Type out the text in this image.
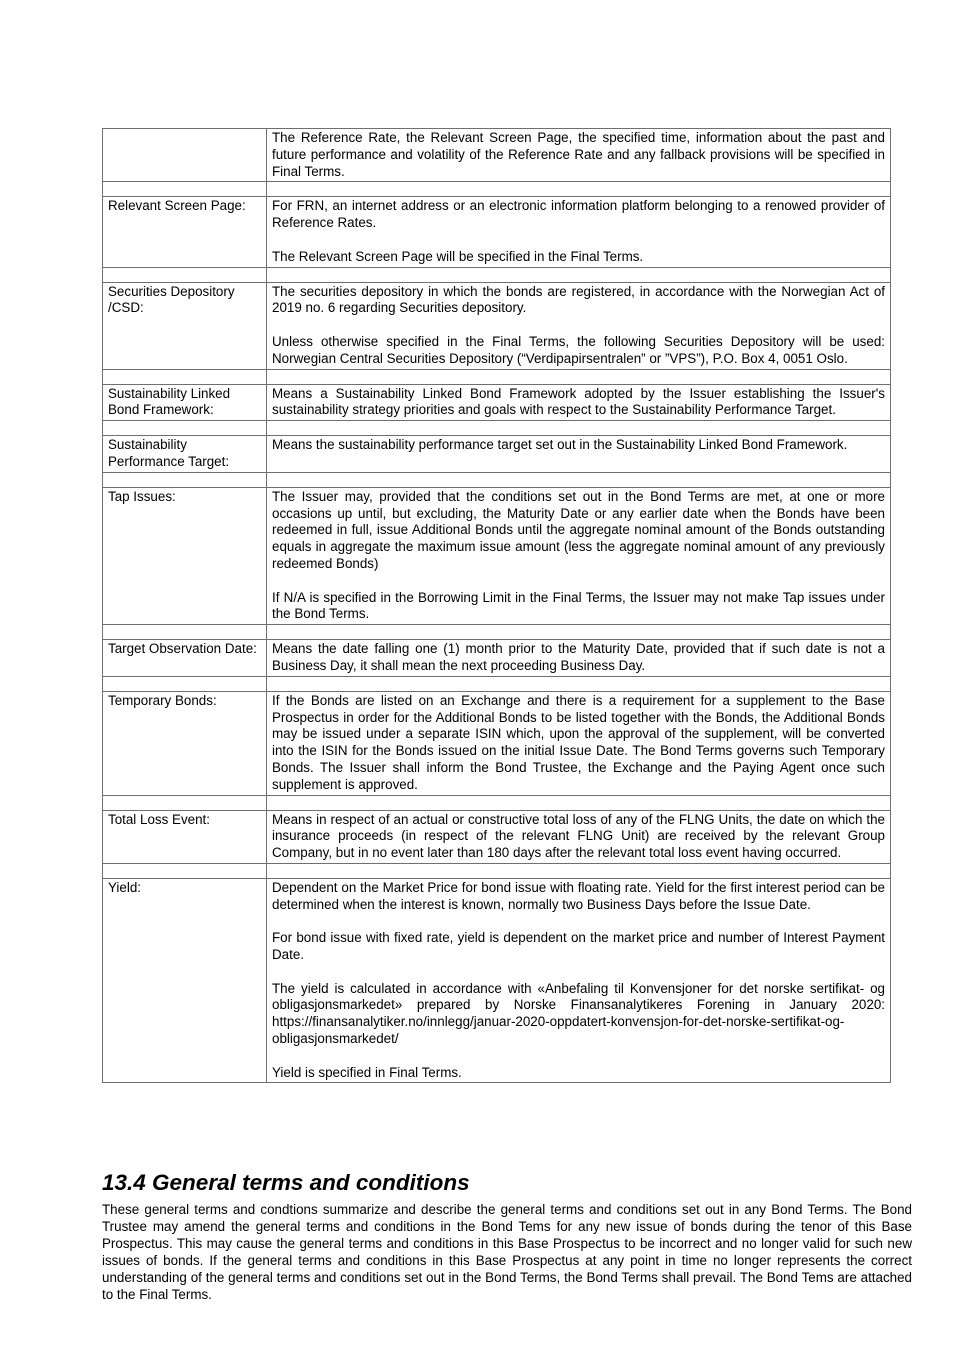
	The Reference Rate, the Relevant Screen Page, the specified time, information about the past and future performance and volatility of the Reference Rate and any fallback provisions will be specified in Final Terms.

Relevant Screen Page:	For FRN, an internet address or an electronic information platform belonging to a renowed provider of Reference Rates.

The Relevant Screen Page will be specified in the Final Terms.

Securities Depository /CSD:	The securities depository in which the bonds are registered, in accordance with the Norwegian Act of 2019 no. 6 regarding Securities depository.

Unless otherwise specified in the Final Terms, the following Securities Depository will be used: Norwegian Central Securities Depository (“Verdipapirsentralen” or ”VPS”), P.O. Box 4, 0051 Oslo.

Sustainability Linked Bond Framework:	Means a Sustainability Linked Bond Framework adopted by the Issuer establishing the Issuer's sustainability strategy priorities and goals with respect to the Sustainability Performance Target.

Sustainability Performance Target:	Means the sustainability performance target set out in the Sustainability Linked Bond Framework.

Tap Issues:	The Issuer may, provided that the conditions set out in the Bond Terms are met, at one or more occasions up until, but excluding, the Maturity Date or any earlier date when the Bonds have been redeemed in full, issue Additional Bonds until the aggregate nominal amount of the Bonds outstanding equals in aggregate the maximum issue amount (less the aggregate nominal amount of any previously redeemed Bonds)

If N/A is specified in the Borrowing Limit in the Final Terms, the Issuer may not make Tap issues under the Bond Terms.

Target Observation Date:	Means the date falling one (1) month prior to the Maturity Date, provided that if such date is not a Business Day, it shall mean the next proceeding Business Day.

Temporary Bonds:	If the Bonds are listed on an Exchange and there is a requirement for a supplement to the Base Prospectus in order for the Additional Bonds to be listed together with the Bonds, the Additional Bonds may be issued under a separate ISIN which, upon the approval of the supplement, will be converted into the ISIN for the Bonds issued on the initial Issue Date. The Bond Terms governs such Temporary Bonds. The Issuer shall inform the Bond Trustee, the Exchange and the Paying Agent once such supplement is approved.

Total Loss Event:	Means in respect of an actual or constructive total loss of any of the FLNG Units, the date on which the insurance proceeds (in respect of the relevant FLNG Unit) are received by the relevant Group Company, but in no event later than 180 days after the relevant total loss event having occurred.

Yield:	Dependent on the Market Price for bond issue with floating rate. Yield for the first interest period can be determined when the interest is known, normally two Business Days before the Issue Date.

For bond issue with fixed rate, yield is dependent on the market price and number of Interest Payment Date.

The yield is calculated in accordance with «Anbefaling til Konvensjoner for det norske sertifikat- og obligasjonsmarkedet» prepared by Norske Finansanalytikeres Forening in January 2020: https://finansanalytiker.no/innlegg/januar-2020-oppdatert-konvensjon-for-det-norske-sertifikat-og-obligasjonsmarkedet/

Yield is specified in Final Terms.

13.4 General terms and conditions

These general terms and condtions summarize and describe the general terms and conditions set out in any Bond Terms. The Bond Trustee may amend the general terms and conditions in the Bond Tems for any new issue of bonds during the tenor of this Base Prospectus. This may cause the general terms and conditions in this Base Prospectus to be incorrect and no longer valid for such new issues of bonds. If the general terms and conditions in this Base Prospectus at any point in time no longer represents the correct understanding of the general terms and conditions set out in the Bond Terms, the Bond Terms shall prevail. The Bond Tems are attached to the Final Terms.
